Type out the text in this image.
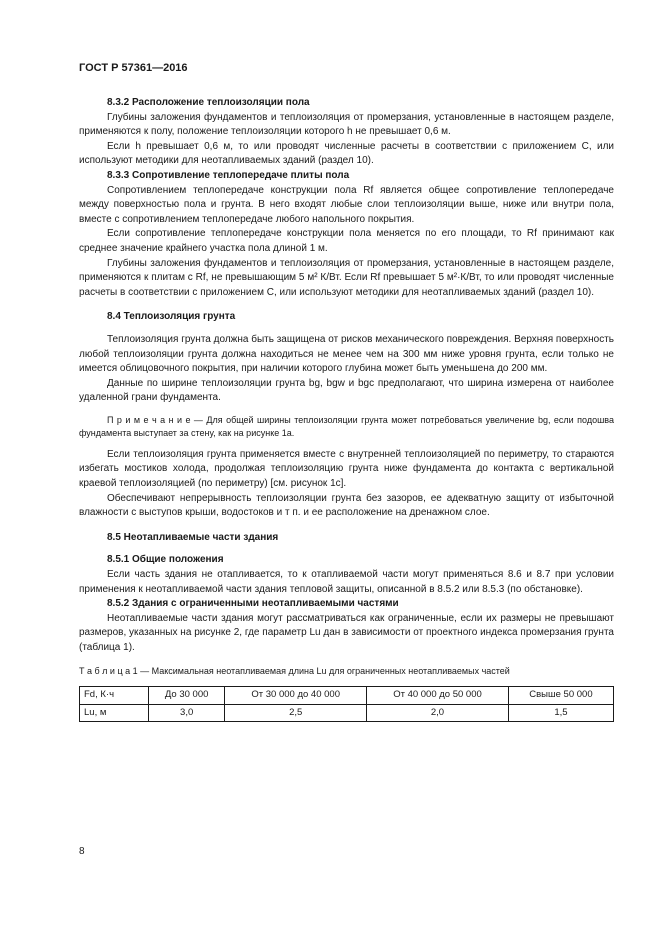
ГОСТ Р 57361—2016

8.3.2 Расположение теплоизоляции пола

Глубины заложения фундаментов и теплоизоляция от промерзания, установленные в настоящем разделе, применяются к полу, положение теплоизоляции которого h не превышает 0,6 м.

Если h превышает 0,6 м, то или проводят численные расчеты в соответствии с приложением С, или используют методики для неотапливаемых зданий (раздел 10).

8.3.3 Сопротивление теплопередаче плиты пола

Сопротивлением теплопередаче конструкции пола Rf является общее сопротивление теплопередаче между поверхностью пола и грунта. В него входят любые слои теплоизоляции выше, ниже или внутри пола, вместе с сопротивлением теплопередаче любого напольного покрытия.

Если сопротивление теплопередаче конструкции пола меняется по его площади, то Rf принимают как среднее значение крайнего участка пола длиной 1 м.

Глубины заложения фундаментов и теплоизоляция от промерзания, установленные в настоящем разделе, применяются к плитам с Rf, не превышающим 5 м² К/Вт. Если Rf превышает 5 м²·К/Вт, то или проводят численные расчеты в соответствии с приложением С, или используют методики для неотапливаемых зданий (раздел 10).

8.4 Теплоизоляция грунта

Теплоизоляция грунта должна быть защищена от рисков механического повреждения. Верхняя поверхность любой теплоизоляции грунта должна находиться не менее чем на 300 мм ниже уровня грунта, если только не имеется облицовочного покрытия, при наличии которого глубина может быть уменьшена до 200 мм.

Данные по ширине теплоизоляции грунта bg, bgw и bgc предполагают, что ширина измерена от наиболее удаленной грани фундамента.

П р и м е ч а н и е — Для общей ширины теплоизоляции грунта может потребоваться увеличение bg, если подошва фундамента выступает за стену, как на рисунке 1а.

Если теплоизоляция грунта применяется вместе с внутренней теплоизоляцией по периметру, то стараются избегать мостиков холода, продолжая теплоизоляцию грунта ниже фундамента до контакта с вертикальной краевой теплоизоляцией (по периметру) [см. рисунок 1с].

Обеспечивают непрерывность теплоизоляции грунта без зазоров, ее адекватную защиту от избыточной влажности с выступов крыши, водостоков и т п. и ее расположение на дренажном слое.

8.5 Неотапливаемые части здания

8.5.1 Общие положения

Если часть здания не отапливается, то к отапливаемой части могут применяться 8.6 и 8.7 при условии применения к неотапливаемой части здания тепловой защиты, описанной в 8.5.2 или 8.5.3 (по обстановке).

8.5.2 Здания с ограниченными неотапливаемыми частями

Неотапливаемые части здания могут рассматриваться как ограниченные, если их размеры не превышают размеров, указанных на рисунке 2, где параметр Lu дан в зависимости от проектного индекса промерзания грунта (таблица 1).

Т а б л и ц а 1 — Максимальная неотапливаемая длина Lu для ограниченных неотапливаемых частей

Fd, К·ч	До 30 000	От 30 000 до 40 000	От 40 000 до 50 000	Свыше 50 000
Lu, м	3,0	2,5	2,0	1,5
8
